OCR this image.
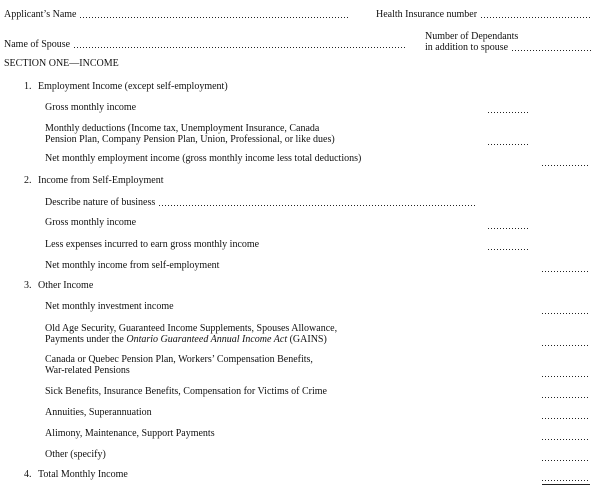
Applicant’s Name	Health Insurance number
Name of Spouse
Number of Dependants
in addition to spouse
SECTION ONE—INCOME
1. Employment Income (except self-employment)
Gross monthly income
Monthly deductions (Income tax, Unemployment Insurance, Canada
Pension Plan, Company Pension Plan, Union, Professional, or like dues)
Net monthly employment income (gross monthly income less total deductions)
2. Income from Self-Employment
Describe nature of business
Gross monthly income
Less expenses incurred to earn gross monthly income
Net monthly income from self-employment
3. Other Income
Net monthly investment income
Old Age Security, Guaranteed Income Supplements, Spouses Allowance,
Payments under the Ontario Guaranteed Annual Income Act (GAINS)
Canada or Quebec Pension Plan, Workers’ Compensation Benefits,
War-related Pensions
Sick Benefits, Insurance Benefits, Compensation for Victims of Crime
Annuities, Superannuation
Alimony, Maintenance, Support Payments
Other (specify)
4. Total Monthly Income
